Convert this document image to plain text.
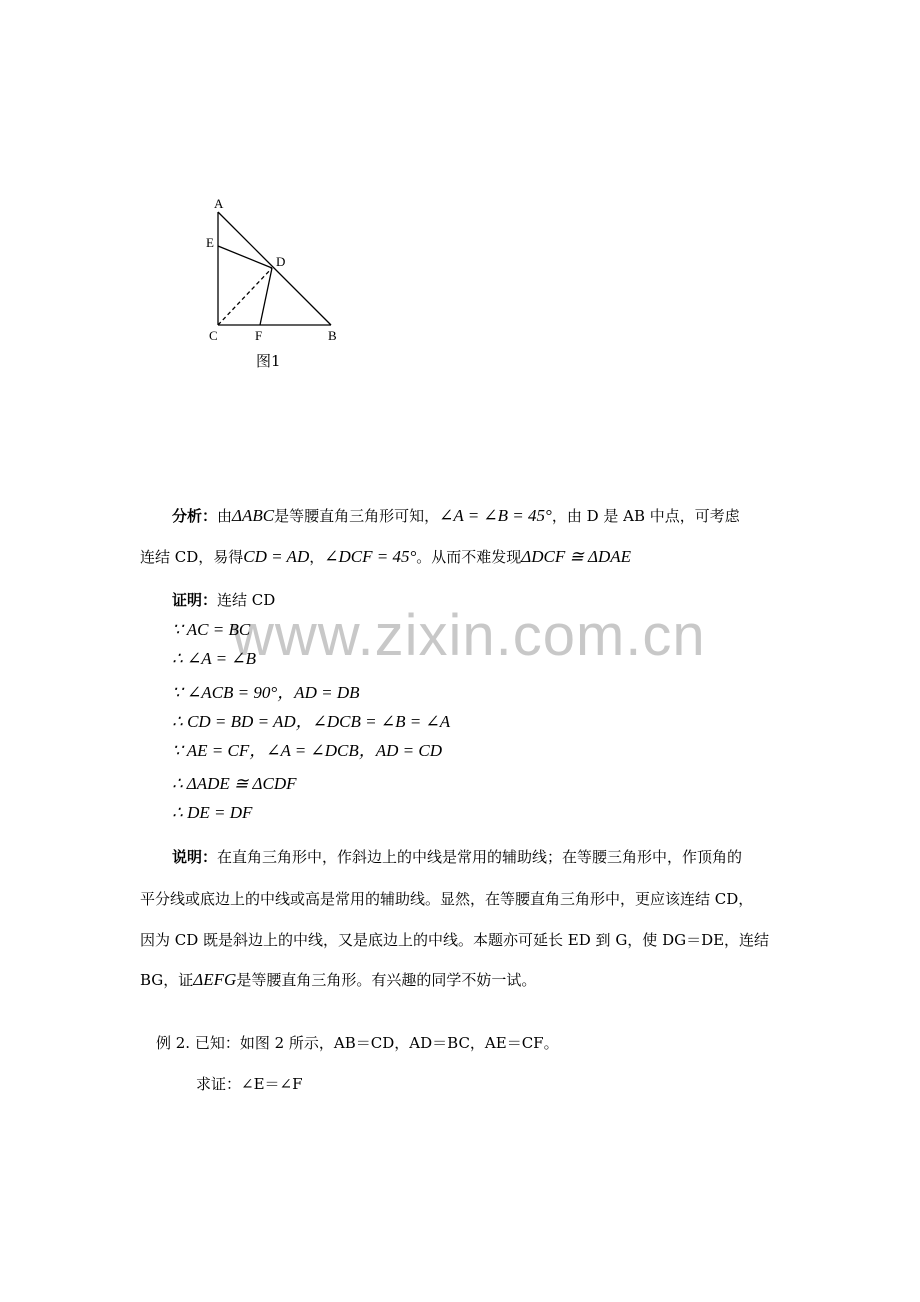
A
E
D
C	F	B
图1
www.zixin.com.cn
分析：由ΔABC是等腰直角三角形可知，∠A = ∠B = 45°，由 D 是 AB 中点，可考虑
连结 CD，易得CD = AD，∠DCF = 45°。从而不难发现ΔDCF ≅ ΔDAE
证明：连结 CD
∵ AC = BC
∴ ∠A = ∠B
∵ ∠ACB = 90°，AD = DB
∴ CD = BD = AD，∠DCB = ∠B = ∠A
∵ AE = CF，∠A = ∠DCB，AD = CD
∴ ΔADE ≅ ΔCDF
∴ DE = DF
说明：在直角三角形中，作斜边上的中线是常用的辅助线；在等腰三角形中，作顶角的
平分线或底边上的中线或高是常用的辅助线。显然，在等腰直角三角形中，更应该连结 CD，
因为 CD 既是斜边上的中线，又是底边上的中线。本题亦可延长 ED 到 G，使 DG＝DE，连结
BG，证ΔEFG是等腰直角三角形。有兴趣的同学不妨一试。
例 2. 已知：如图 2 所示，AB＝CD，AD＝BC，AE＝CF。
求证：∠E＝∠F
